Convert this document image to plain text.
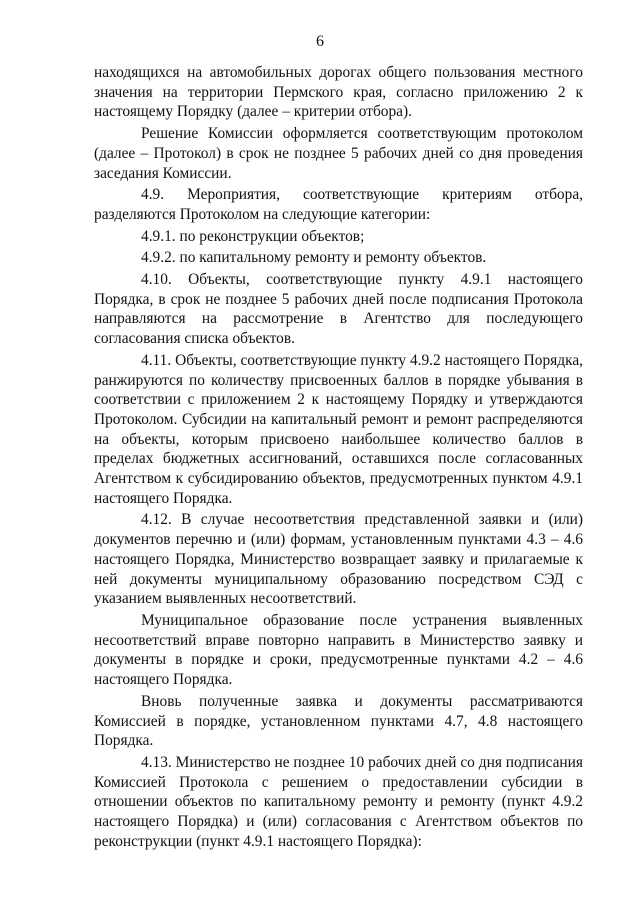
6

находящихся на автомобильных дорогах общего пользования местного значения на территории Пермского края, согласно приложению 2 к настоящему Порядку (далее – критерии отбора).

Решение Комиссии оформляется соответствующим протоколом (далее – Протокол) в срок не позднее 5 рабочих дней со дня проведения заседания Комиссии.

4.9. Мероприятия, соответствующие критериям отбора, разделяются Протоколом на следующие категории:

4.9.1. по реконструкции объектов;

4.9.2. по капитальному ремонту и ремонту объектов.

4.10. Объекты, соответствующие пункту 4.9.1 настоящего Порядка, в срок не позднее 5 рабочих дней после подписания Протокола направляются на рассмотрение в Агентство для последующего согласования списка объектов.

4.11. Объекты, соответствующие пункту 4.9.2 настоящего Порядка, ранжируются по количеству присвоенных баллов в порядке убывания в соответствии с приложением 2 к настоящему Порядку и утверждаются Протоколом. Субсидии на капитальный ремонт и ремонт распределяются на объекты, которым присвоено наибольшее количество баллов в пределах бюджетных ассигнований, оставшихся после согласованных Агентством к субсидированию объектов, предусмотренных пунктом 4.9.1 настоящего Порядка.

4.12. В случае несоответствия представленной заявки и (или) документов перечню и (или) формам, установленным пунктами 4.3 – 4.6 настоящего Порядка, Министерство возвращает заявку и прилагаемые к ней документы муниципальному образованию посредством СЭД с указанием выявленных несоответствий.

Муниципальное образование после устранения выявленных несоответствий вправе повторно направить в Министерство заявку и документы в порядке и сроки, предусмотренные пунктами 4.2 – 4.6 настоящего Порядка.

Вновь полученные заявка и документы рассматриваются Комиссией в порядке, установленном пунктами 4.7, 4.8 настоящего Порядка.

4.13. Министерство не позднее 10 рабочих дней со дня подписания Комиссией Протокола с решением о предоставлении субсидии в отношении объектов по капитальному ремонту и ремонту (пункт 4.9.2 настоящего Порядка) и (или) согласования с Агентством объектов по реконструкции (пункт 4.9.1 настоящего Порядка):
